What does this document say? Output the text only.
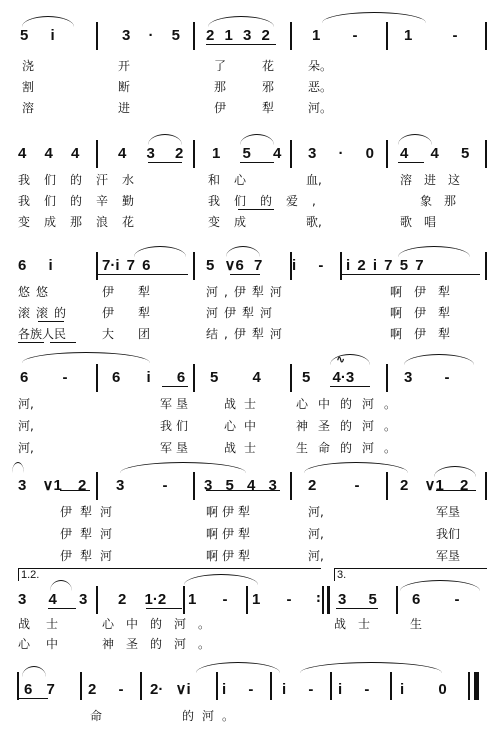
5 i	3 · 5 2 1 3 2	1 -	1 -
浇	开	了	花	朵。
割	断	那	邪	恶。
溶	进	伊	犁	河。
4 4 4	4 3 2 1 5 4 3 · 0 4 4 5
我们的汗水	和心	血,	溶进这
我们的辛勤	我们的爱,	象那
变成那浪花	变成	歌,	歌唱
6 i	7·i 7 6	5 ∨6 7 i - i 2 i 7 5 7
悠悠	伊犁	河,伊犁河	啊伊犁
滚滚的 伊犁	河伊犁河	啊伊犁
各族人民	大团	结,伊犁河	啊伊犁
∿
6 -	6 i 6 5 4	5 4·3	3 -
河,	军垦	战士	心中的河。
河,	我们	心中	神圣的河。
河,	军垦	战士	生命的河。
3 ∨1 2 3 - 3 5 4 3 2 -	2 ∨1 2
伊犁河	啊伊犁	河,	军垦
伊犁河	啊伊犁	河,	我们
伊犁河	啊伊犁	河,	军垦
1.2.	3.
3 4 3 2 1·2 1 - 1 - : 3 5 6 -
战士 心中的河。	战士 生
心中 神圣的河。
6 7 2 - 2· ∨i i - i - i - i 0
命	的河。
